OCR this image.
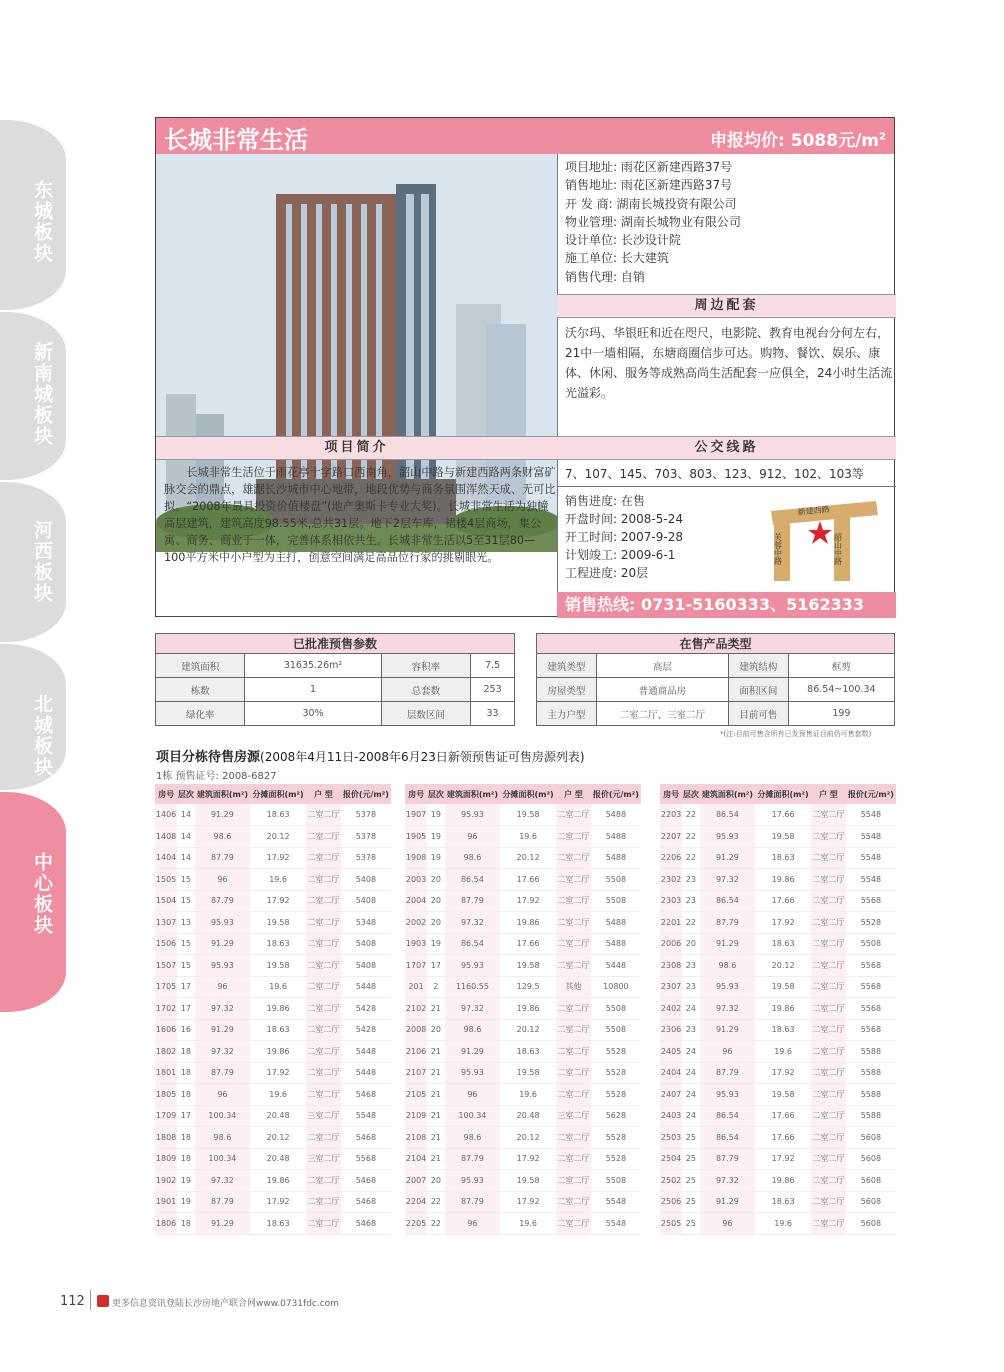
东城板块
新南城板块
河西板块
北城板块
中心板块
长城非常生活	申报均价: 5088元$/m^2$
项目地址: 雨花区新建西路37号
销售地址: 雨花区新建西路37号
开 发 商: 湖南长城投资有限公司
物业管理: 湖南长城物业有限公司
设计单位: 长沙设计院
施工单位: 长大建筑
销售代理: 自销
周边配套
沃尔玛、华银旺和近在咫尺，电影院、教育电视台分何左右，21中一墙相隔，东塘商圈信步可达。购物、餐饮、娱乐、康体、休闲、服务等成熟高尚生活配套一应俱全，24小时生活流光溢彩。
项目简介	公交线路
长城非常生活位于雨花亭十字路口西南角，韶山中路与新建西路两条财富矿脉交会的鼎点，雄踞长沙城市中心地带，地段优势与商务氛围浑然天成、无可比拟。“2008年最具投资价值楼盘”(地产奥斯卡专业大奖)。长城非常生活为独幢高层建筑，建筑高度98.55米,总共31层。地下2层车库，裙楼4层商场，集公寓、商务、商业于一体，完善体系相依共生。长城非常生活以5至31层80—100平方米中小户型为主打，创意空间满足高品位行家的挑剔眼光。
7、107、145、703、803、123、912、102、103等
销售进度: 在售
开盘时间: 2008-5-24
开工时间: 2007-9-28
计划竣工: 2009-6-1
工程进度: 20层
新建西路
芙蓉中路	韶山中路
销售热线: 0731-5160333、5162333
已批准预售参数			
建筑面积	31635.26m²	容积率	7.5
栋数	1	总套数	253
绿化率	30%	层数区间	33
在售产品类型			
建筑类型	高层	建筑结构	框剪
房屋类型	普通商品房	面积区间	86.54~100.34
主力户型	二室二厅、三室二厅	目前可售	199
*(注:目前可售含所有已发预售证目前仍可售套数)
项目分栋待售房源(2008年4月11日-2008年6月23日新领预售证可售房源列表)
1栋 预售证号: 2008-6827
房号	层次	建筑面积(m²)	分摊面积(m²)	户 型	报价(元/m²)
1406	14	91.29	18.63	二室二厅	5378
1408	14	98.6	20.12	二室二厅	5378
1404	14	87.79	17.92	二室二厅	5378
1505	15	96	19.6	二室二厅	5408
1504	15	87.79	17.92	二室二厅	5408
1307	13	95.93	19.58	二室二厅	5348
1506	15	91.29	18.63	二室二厅	5408
1507	15	95.93	19.58	二室二厅	5408
1705	17	96	19.6	二室二厅	5448
1702	17	97.32	19.86	二室二厅	5428
1606	16	91.29	18.63	二室二厅	5428
1802	18	97.32	19.86	二室二厅	5448
1801	18	87.79	17.92	二室二厅	5448
1805	18	96	19.6	二室二厅	5468
1709	17	100.34	20.48	三室二厅	5548
1808	18	98.6	20.12	二室二厅	5468
1809	18	100.34	20.48	三室二厅	5568
1902	19	97.32	19.86	二室二厅	5468
1901	19	87.79	17.92	二室二厅	5468
1806	18	91.29	18.63	二室二厅	5468
房号	层次	建筑面积(m²)	分摊面积(m²)	户 型	报价(元/m²)
1907	19	95.93	19.58	二室二厅	5488
1905	19	96	19.6	二室二厅	5488
1908	19	98.6	20.12	二室二厅	5488
2003	20	86.54	17.66	二室二厅	5508
2004	20	87.79	17.92	二室二厅	5508
2002	20	97.32	19.86	二室二厅	5488
1903	19	86.54	17.66	二室二厅	5488
1707	17	95.93	19.58	二室二厅	5448
201	2	1160.55	129.5	其他	10800
2102	21	97.32	19.86	二室二厅	5508
2008	20	98.6	20.12	二室二厅	5508
2106	21	91.29	18.63	二室二厅	5528
2107	21	95.93	19.58	二室二厅	5528
2105	21	96	19.6	二室二厅	5528
2109	21	100.34	20.48	三室二厅	5628
2108	21	98.6	20.12	二室二厅	5528
2104	21	87.79	17.92	二室二厅	5528
2007	20	95.93	19.58	二室二厅	5508
2204	22	87.79	17.92	二室二厅	5548
2205	22	96	19.6	二室二厅	5548
房号	层次	建筑面积(m²)	分摊面积(m²)	户 型	报价(元/m²)
2203	22	86.54	17.66	二室二厅	5548
2207	22	95.93	19.58	二室二厅	5548
2206	22	91.29	18.63	二室二厅	5548
2302	23	97.32	19.86	二室二厅	5548
2303	23	86.54	17.66	二室二厅	5568
2201	22	87.79	17.92	二室二厅	5528
2006	20	91.29	18.63	二室二厅	5508
2308	23	98.6	20.12	二室二厅	5568
2307	23	95.93	19.58	二室二厅	5568
2402	24	97.32	19.86	二室二厅	5568
2306	23	91.29	18.63	二室二厅	5568
2405	24	96	19.6	二室二厅	5588
2404	24	87.79	17.92	二室二厅	5588
2407	24	95.93	19.58	二室二厅	5588
2403	24	86.54	17.66	二室二厅	5588
2503	25	86.54	17.66	二室二厅	5608
2504	25	87.79	17.92	二室二厅	5608
2502	25	97.32	19.86	二室二厅	5608
2506	25	91.29	18.63	二室二厅	5608
2505	25	96	19.6	二室二厅	5608
112	更多信息资讯登陆长沙房地产联合网www.0731fdc.com
